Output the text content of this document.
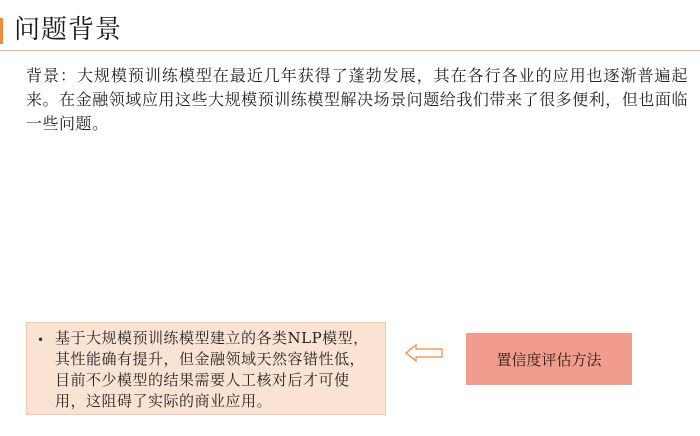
问题背景
背景：大规模预训练模型在最近几年获得了蓬勃发展，其在各行各业的应用也逐渐普遍起来。在金融领域应用这些大规模预训练模型解决场景问题给我们带来了很多便利，但也面临一些问题。
• 基于大规模预训练模型建立的各类NLP模型，其性能确有提升，但金融领域天然容错性低，目前不少模型的结果需要人工核对后才可使用，这阻碍了实际的商业应用。
置信度评估方法
